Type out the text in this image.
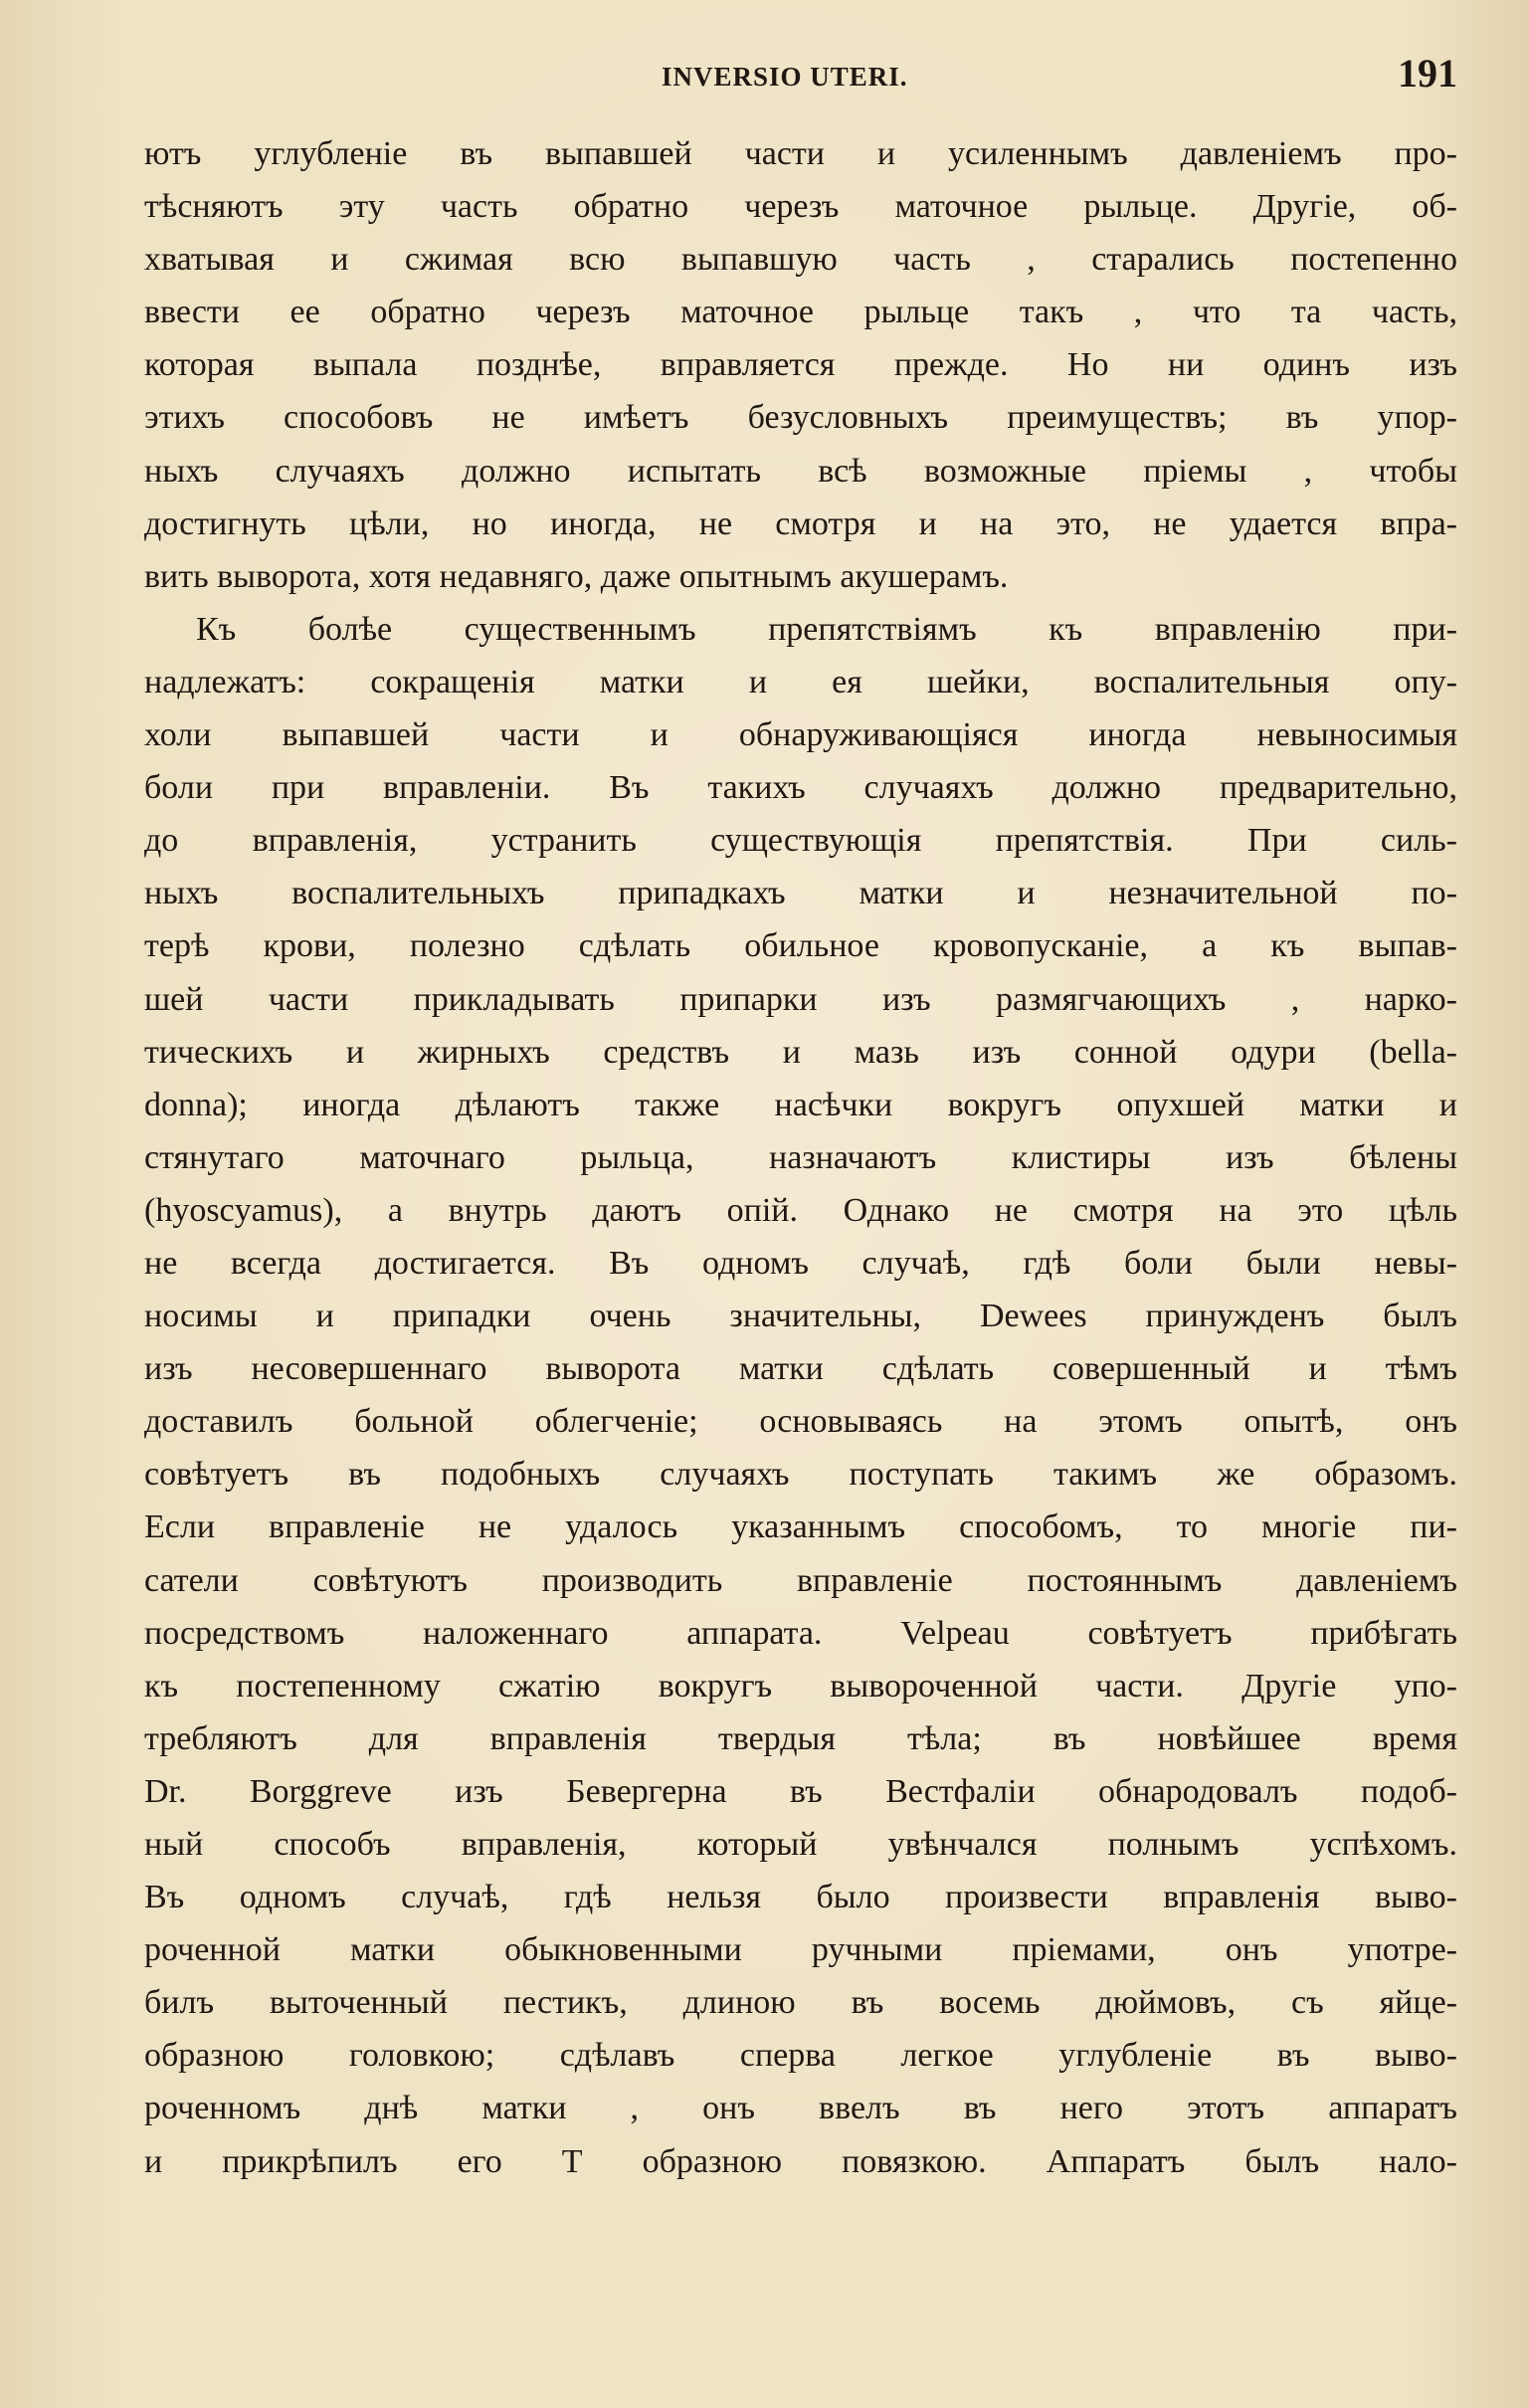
INVERSIO UTERI.	191
ютъ углубленіе въ выпавшей части и усиленнымъ давленіемъ про-
тѣсняютъ эту часть обратно черезъ маточное рыльце. Другіе, об-
хватывая и сжимая всю выпавшую часть , старались постепенно
ввести ее обратно черезъ маточное рыльце такъ , что та часть,
которая выпала позднѣе, вправляется прежде. Но ни одинъ изъ
этихъ способовъ не имѣетъ безусловныхъ преимуществъ; въ упор-
ныхъ случаяхъ должно испытать всѣ возможные пріемы , чтобы
достигнуть цѣли, но иногда, не смотря и на это, не удается впра-
вить выворота, хотя недавняго, даже опытнымъ акушерамъ.
Къ болѣе существеннымъ препятствіямъ къ вправленію при-
надлежатъ: сокращенія матки и ея шейки, воспалительныя опу-
холи выпавшей части и обнаруживающіяся иногда невыносимыя
боли при вправленіи. Въ такихъ случаяхъ должно предварительно,
до вправленія, устранить существующія препятствія. При силь-
ныхъ воспалительныхъ припадкахъ матки и незначительной по-
терѣ крови, полезно сдѣлать обильное кровопусканіе, а къ выпав-
шей части прикладывать припарки изъ размягчающихъ , нарко-
тическихъ и жирныхъ средствъ и мазь изъ сонной одури (bella-
donna); иногда дѣлаютъ также насѣчки вокругъ опухшей матки и
стянутаго маточнаго рыльца, назначаютъ клистиры изъ бѣлены
(hyoscyamus), а внутрь даютъ опій. Однако не смотря на это цѣль
не всегда достигается. Въ одномъ случаѣ, гдѣ боли были невы-
носимы и припадки очень значительны, Dewees принужденъ былъ
изъ несовершеннаго выворота матки сдѣлать совершенный и тѣмъ
доставилъ больной облегченіе; основываясь на этомъ опытѣ, онъ
совѣтуетъ въ подобныхъ случаяхъ поступать такимъ же образомъ.
Если вправленіе не удалось указаннымъ способомъ, то многіе пи-
сатели совѣтуютъ производить вправленіе постояннымъ давленіемъ
посредствомъ наложеннаго аппарата. Velpeau совѣтуетъ прибѣгать
къ постепенному сжатію вокругъ вывороченной части. Другіе упо-
требляютъ для вправленія твердыя тѣла; въ новѣйшее время
Dr. Borggreve изъ Бевергерна въ Вестфаліи обнародовалъ подоб-
ный способъ вправленія, который увѣнчался полнымъ успѣхомъ.
Въ одномъ случаѣ, гдѣ нельзя было произвести вправленія выво-
роченной матки обыкновенными ручными пріемами, онъ употре-
билъ выточенный пестикъ, длиною въ восемь дюймовъ, съ яйце-
образною головкою; сдѣлавъ сперва легкое углубленіе въ выво-
роченномъ днѣ матки , онъ ввелъ въ него этотъ аппаратъ
и прикрѣпилъ его Т образною повязкою. Аппаратъ былъ нало-
